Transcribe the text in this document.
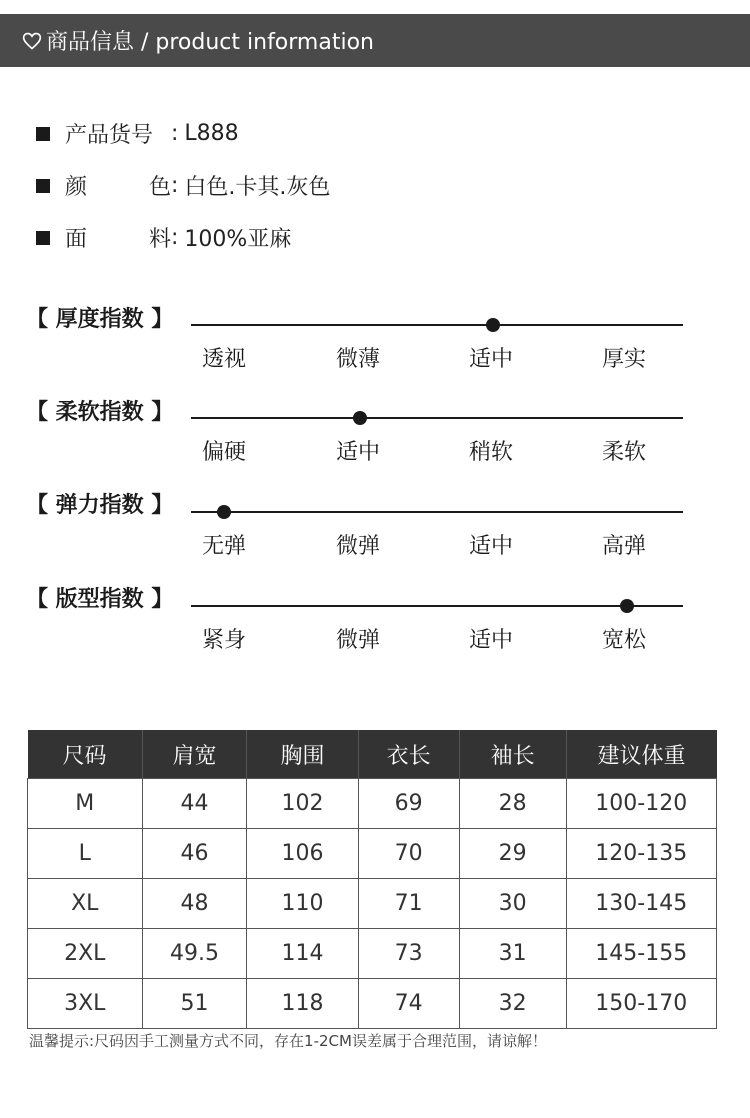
商品信息 / product information
产品货号 : L888
颜	色 : 白色.卡其.灰色
面	料 : 100%亚麻
【 厚度指数 】
透视	微薄	适中	厚实
【 柔软指数 】
偏硬	适中	稍软	柔软
【 弹力指数 】
无弹	微弹	适中	高弹
【 版型指数 】
紧身	微弹	适中	宽松
尺码	肩宽	胸围	衣长	袖长	建议体重
M	44	102	69	28	100-120
L	46	106	70	29	120-135
XL	48	110	71	30	130-145
2XL	49.5	114	73	31	145-155
3XL	51	118	74	32	150-170
温馨提示:尺码因手工测量方式不同，存在1-2CM误差属于合理范围，请谅解！
